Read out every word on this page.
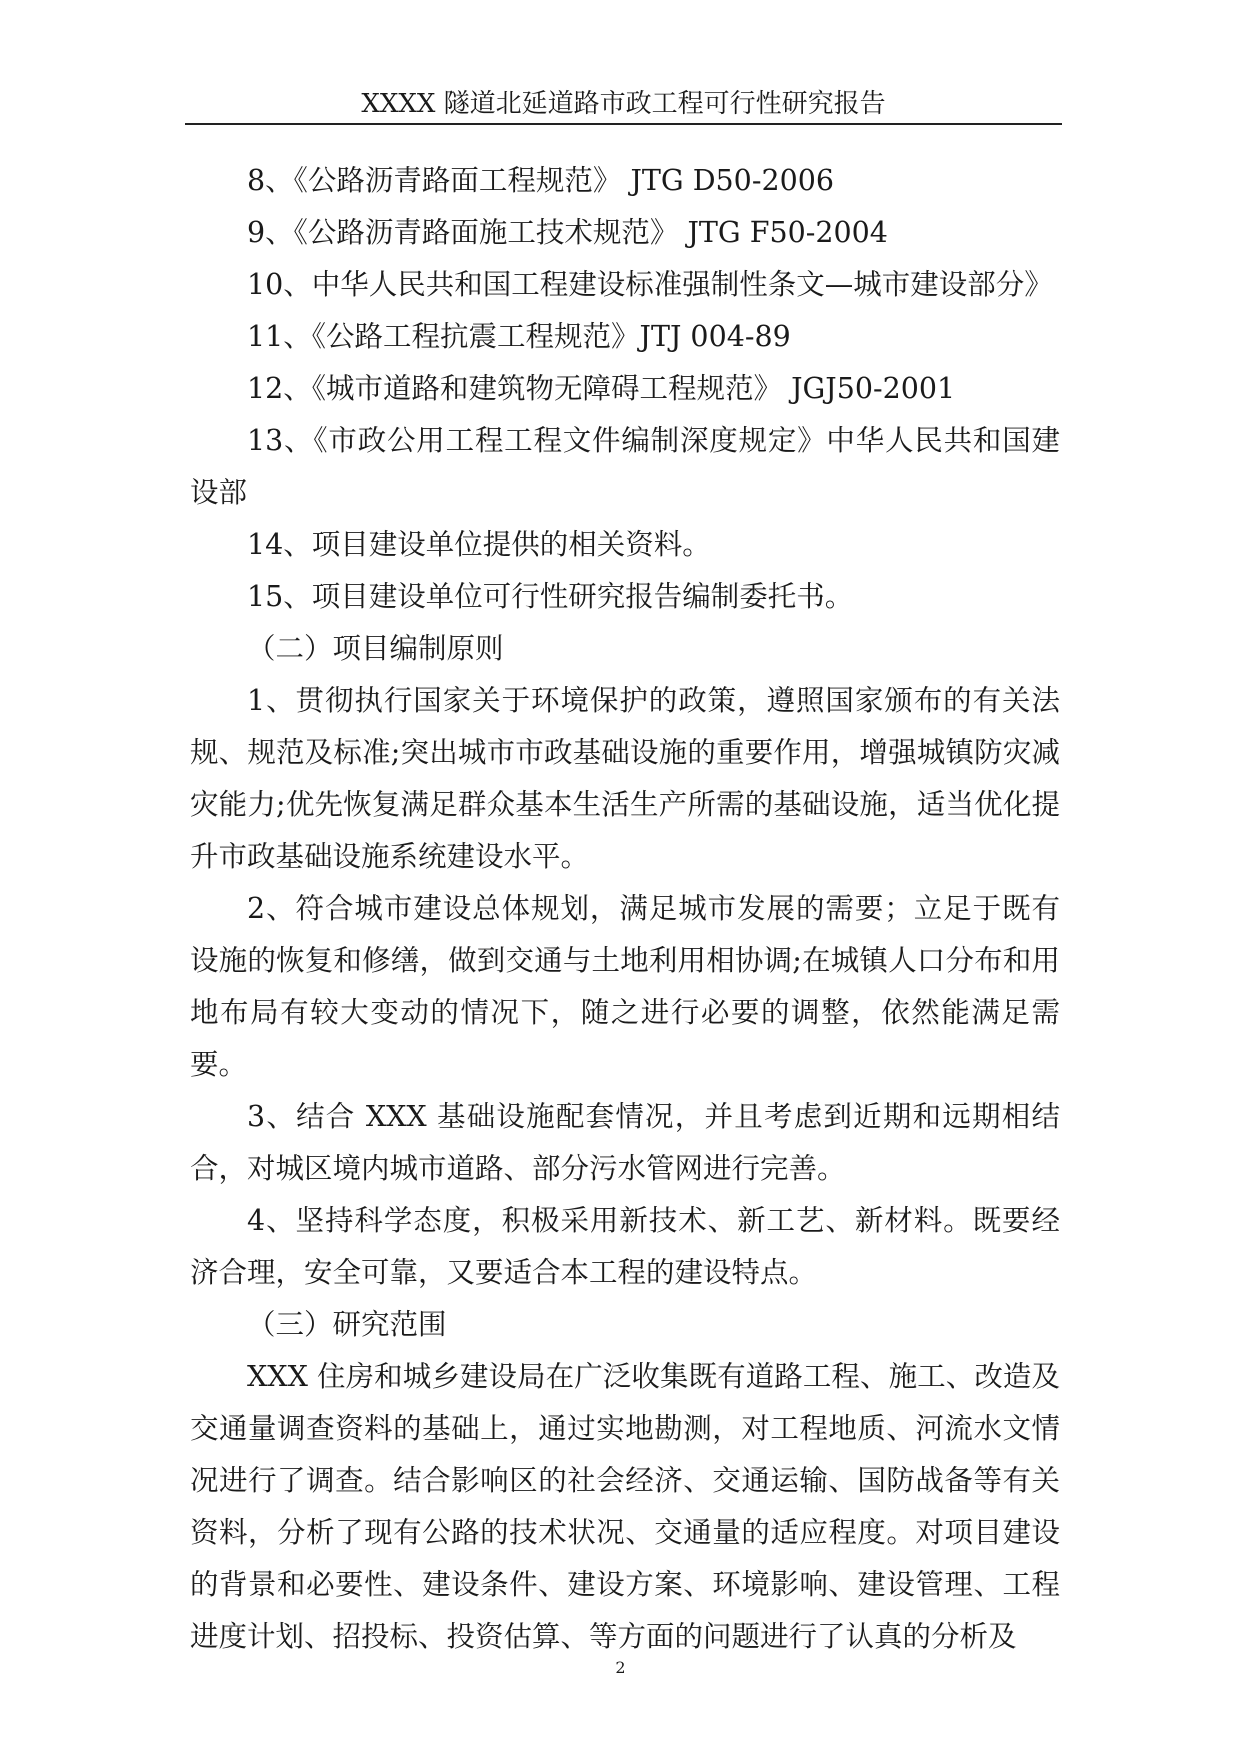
XXXX 隧道北延道路市政工程可行性研究报告

8、《公路沥青路面工程规范》 JTG D50-2006

9、《公路沥青路面施工技术规范》 JTG F50-2004

10、中华人民共和国工程建设标准强制性条文—城市建设部分》

11、《公路工程抗震工程规范》JTJ 004-89

12、《城市道路和建筑物无障碍工程规范》 JGJ50-2001

13、《市政公用工程工程文件编制深度规定》中华人民共和国建设部

14、项目建设单位提供的相关资料。

15、项目建设单位可行性研究报告编制委托书。

（二）项目编制原则

1、贯彻执行国家关于环境保护的政策，遵照国家颁布的有关法规、规范及标准;突出城市市政基础设施的重要作用，增强城镇防灾减灾能力;优先恢复满足群众基本生活生产所需的基础设施，适当优化提升市政基础设施系统建设水平。

2、符合城市建设总体规划，满足城市发展的需要；立足于既有设施的恢复和修缮，做到交通与土地利用相协调;在城镇人口分布和用地布局有较大变动的情况下，随之进行必要的调整，依然能满足需要。

3、结合 XXX 基础设施配套情况，并且考虑到近期和远期相结合，对城区境内城市道路、部分污水管网进行完善。

4、坚持科学态度，积极采用新技术、新工艺、新材料。既要经济合理，安全可靠，又要适合本工程的建设特点。

（三）研究范围

XXX 住房和城乡建设局在广泛收集既有道路工程、施工、改造及交通量调查资料的基础上，通过实地勘测，对工程地质、河流水文情况进行了调查。结合影响区的社会经济、交通运输、国防战备等有关资料，分析了现有公路的技术状况、交通量的适应程度。对项目建设的背景和必要性、建设条件、建设方案、环境影响、建设管理、工程进度计划、招投标、投资估算、等方面的问题进行了认真的分析及

2
